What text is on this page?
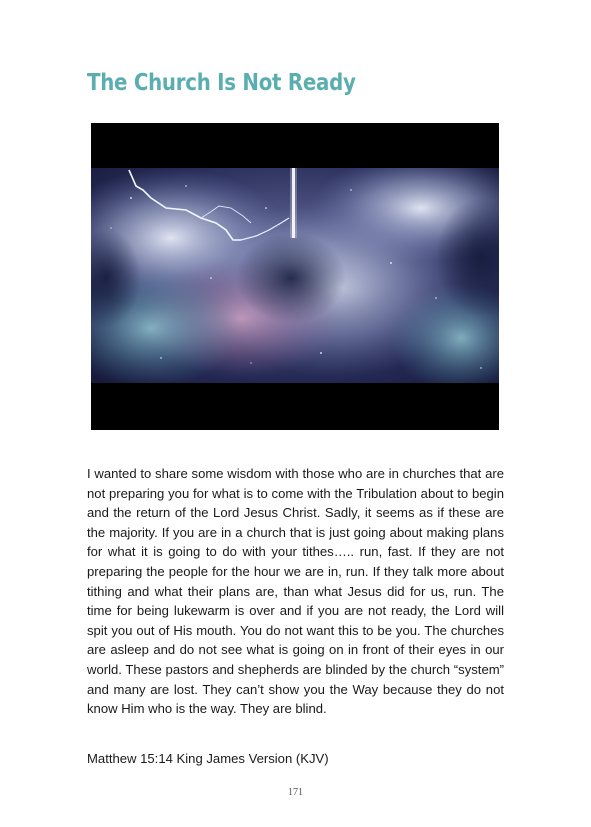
The Church Is Not Ready

I wanted to share some wisdom with those who are in churches that are not preparing you for what is to come with the Tribulation about to begin and the return of the Lord Jesus Christ. Sadly, it seems as if these are the majority. If you are in a church that is just going about making plans for what it is going to do with your tithes….. run, fast. If they are not preparing the people for the hour we are in, run. If they talk more about tithing and what their plans are, than what Jesus did for us, run. The time for being lukewarm is over and if you are not ready, the Lord will spit you out of His mouth. You do not want this to be you. The churches are asleep and do not see what is going on in front of their eyes in our world. These pastors and shepherds are blinded by the church “system” and many are lost. They can’t show you the Way because they do not know Him who is the way. They are blind.

Matthew 15:14 King James Version (KJV)

171
